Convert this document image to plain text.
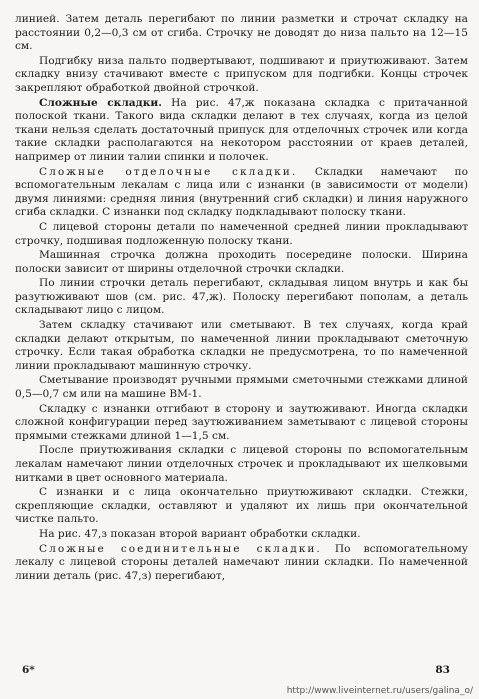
линией. Затем деталь перегибают по линии разметки и строчат складку на расстоянии 0,2—0,3 см от сгиба. Строчку не доводят до низа пальто на 12—15 см.

Подгибку низа пальто подвертывают, подшивают и приутюживают. Затем складку внизу стачивают вместе с припуском для подгибки. Концы строчек закрепляют обработкой двойной строчкой.

Сложные складки. На рис. 47,ж показана складка с притачанной полоской ткани. Такого вида складки делают в тех случаях, когда из целой ткани нельзя сделать достаточный припуск для отделочных строчек или когда такие складки располагаются на некотором расстоянии от краев деталей, например от линии талии спинки и полочек.

Сложные отделочные складки. Складки намечают по вспомогательным лекалам с лица или с изнанки (в зависимости от модели) двумя линиями: средняя линия (внутренний сгиб складки) и линия наружного сгиба складки. С изнанки под складку подкладывают полоску ткани.

С лицевой стороны детали по намеченной средней линии прокладывают строчку, подшивая подложенную полоску ткани.

Машинная строчка должна проходить посередине полоски. Ширина полоски зависит от ширины отделочной строчки складки.

По линии строчки деталь перегибают, складывая лицом внутрь и как бы разутюживают шов (см. рис. 47,ж). Полоску перегибают пополам, а деталь складывают лицо с лицом.

Затем складку стачивают или сметывают. В тех случаях, когда край складки делают открытым, по намеченной линии прокладывают сметочную строчку. Если такая обработка складки не предусмотрена, то по намеченной линии прокладывают машинную строчку.

Сметывание производят ручными прямыми сметочными стежками длиной 0,5—0,7 см или на машине ВМ-1.

Складку с изнанки отгибают в сторону и заутюживают. Иногда складки сложной конфигурации перед заутюживанием заметывают с лицевой стороны прямыми стежками длиной 1—1,5 см.

После приутюживания складки с лицевой стороны по вспомогательным лекалам намечают линии отделочных строчек и прокладывают их шелковыми нитками в цвет основного материала.

С изнанки и с лица окончательно приутюживают складки. Стежки, скрепляющие складки, оставляют и удаляют их лишь при окончательной чистке пальто.

На рис. 47,з показан второй вариант обработки складки.

Сложные соединительные складки. По вспомогательному лекалу с лицевой стороны деталей намечают линии складки. По намеченной линии деталь (рис. 47,з) перегибают,

6*	83
http://www.liveinternet.ru/users/galina_o/
